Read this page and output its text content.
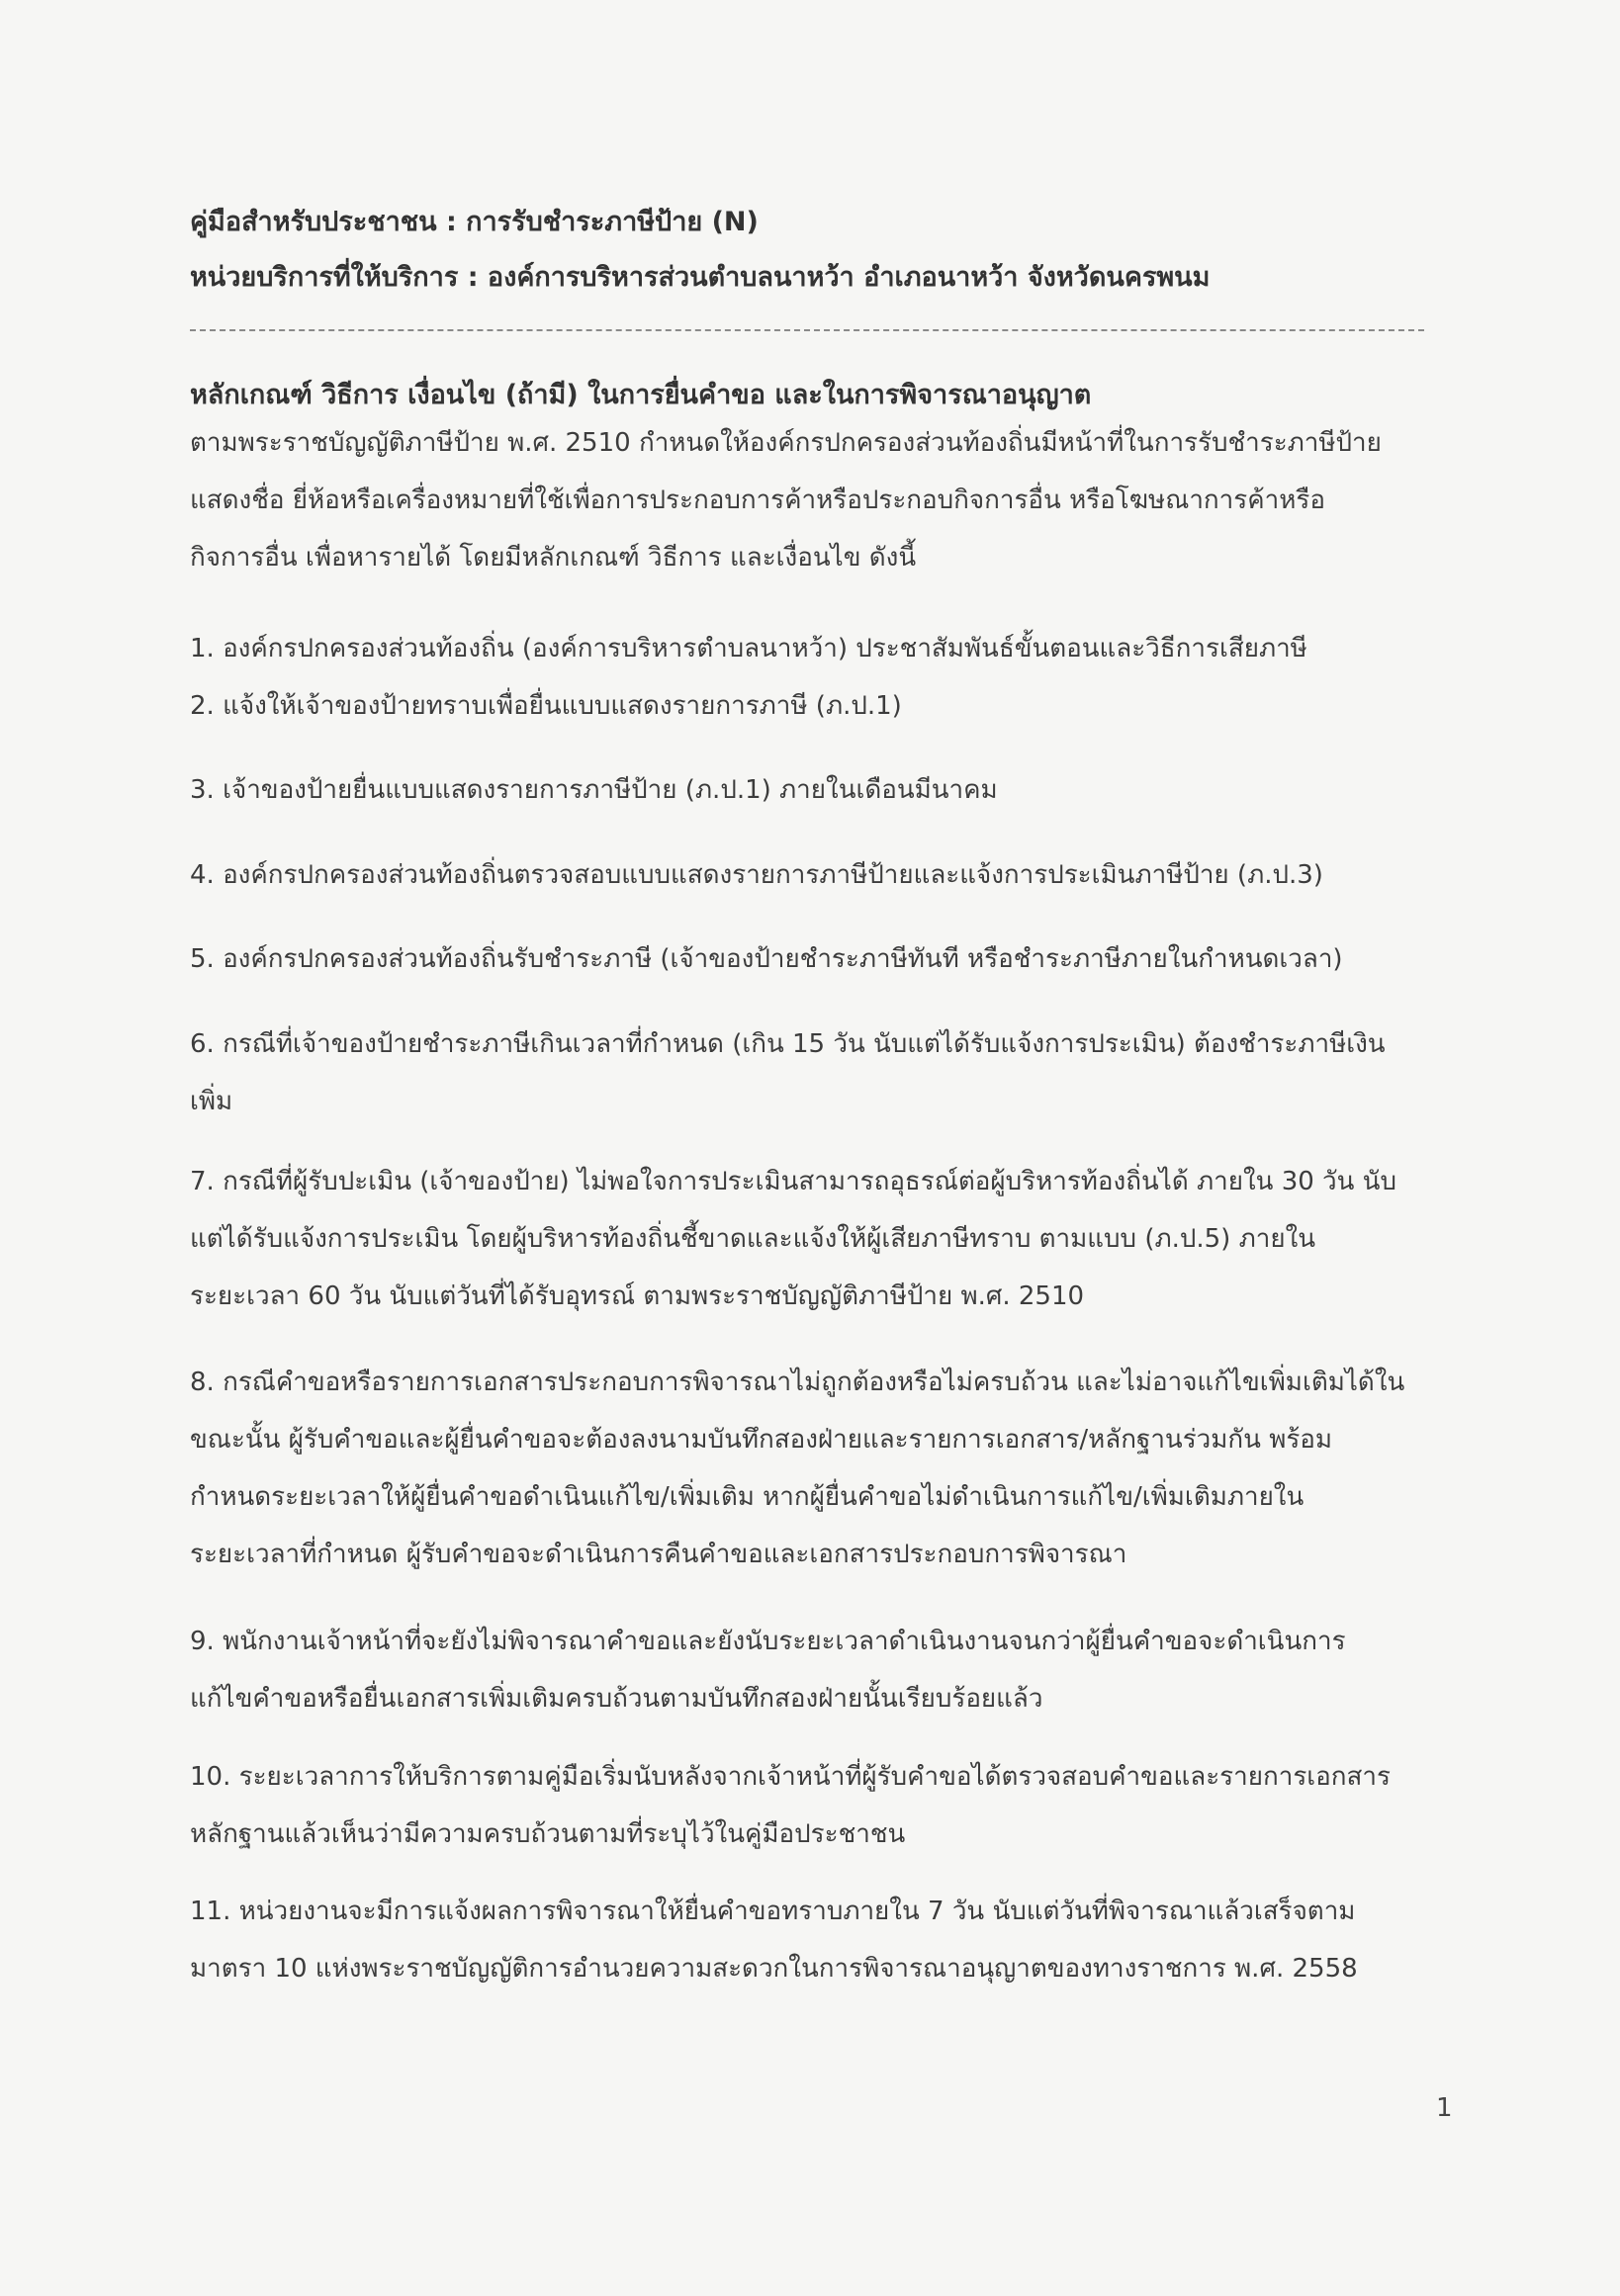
คู่มือสำหรับประชาชน : การรับชำระภาษีป้าย (N)
หน่วยบริการที่ให้บริการ : องค์การบริหารส่วนตำบลนาหว้า อำเภอนาหว้า จังหวัดนครพนม
หลักเกณฑ์ วิธีการ เงื่อนไข (ถ้ามี) ในการยื่นคำขอ และในการพิจารณาอนุญาต
ตามพระราชบัญญัติภาษีป้าย พ.ศ. 2510 กำหนดให้องค์กรปกครองส่วนท้องถิ่นมีหน้าที่ในการรับชำระภาษีป้าย
แสดงชื่อ ยี่ห้อหรือเครื่องหมายที่ใช้เพื่อการประกอบการค้าหรือประกอบกิจการอื่น หรือโฆษณาการค้าหรือ
กิจการอื่น เพื่อหารายได้ โดยมีหลักเกณฑ์ วิธีการ และเงื่อนไข ดังนี้
1. องค์กรปกครองส่วนท้องถิ่น (องค์การบริหารตำบลนาหว้า) ประชาสัมพันธ์ขั้นตอนและวิธีการเสียภาษี
2. แจ้งให้เจ้าของป้ายทราบเพื่อยื่นแบบแสดงรายการภาษี (ภ.ป.1)
3. เจ้าของป้ายยื่นแบบแสดงรายการภาษีป้าย (ภ.ป.1) ภายในเดือนมีนาคม
4. องค์กรปกครองส่วนท้องถิ่นตรวจสอบแบบแสดงรายการภาษีป้ายและแจ้งการประเมินภาษีป้าย (ภ.ป.3)
5. องค์กรปกครองส่วนท้องถิ่นรับชำระภาษี (เจ้าของป้ายชำระภาษีทันที หรือชำระภาษีภายในกำหนดเวลา)
6. กรณีที่เจ้าของป้ายชำระภาษีเกินเวลาที่กำหนด (เกิน 15 วัน นับแต่ได้รับแจ้งการประเมิน) ต้องชำระภาษีเงิน
เพิ่ม
7. กรณีที่ผู้รับปะเมิน (เจ้าของป้าย) ไม่พอใจการประเมินสามารถอุธรณ์ต่อผู้บริหารท้องถิ่นได้ ภายใน 30 วัน นับ
แต่ได้รับแจ้งการประเมิน โดยผู้บริหารท้องถิ่นชี้ขาดและแจ้งให้ผู้เสียภาษีทราบ ตามแบบ (ภ.ป.5) ภายใน
ระยะเวลา 60 วัน นับแต่วันที่ได้รับอุทรณ์ ตามพระราชบัญญัติภาษีป้าย พ.ศ. 2510
8. กรณีคำขอหรือรายการเอกสารประกอบการพิจารณาไม่ถูกต้องหรือไม่ครบถ้วน และไม่อาจแก้ไขเพิ่มเติมได้ใน
ขณะนั้น ผู้รับคำขอและผู้ยื่นคำขอจะต้องลงนามบันทึกสองฝ่ายและรายการเอกสาร/หลักฐานร่วมกัน พร้อม
กำหนดระยะเวลาให้ผู้ยื่นคำขอดำเนินแก้ไข/เพิ่มเติม หากผู้ยื่นคำขอไม่ดำเนินการแก้ไข/เพิ่มเติมภายใน
ระยะเวลาที่กำหนด ผู้รับคำขอจะดำเนินการคืนคำขอและเอกสารประกอบการพิจารณา
9. พนักงานเจ้าหน้าที่จะยังไม่พิจารณาคำขอและยังนับระยะเวลาดำเนินงานจนกว่าผู้ยื่นคำขอจะดำเนินการ
แก้ไขคำขอหรือยื่นเอกสารเพิ่มเติมครบถ้วนตามบันทึกสองฝ่ายนั้นเรียบร้อยแล้ว
10. ระยะเวลาการให้บริการตามคู่มือเริ่มนับหลังจากเจ้าหน้าที่ผู้รับคำขอได้ตรวจสอบคำขอและรายการเอกสาร
หลักฐานแล้วเห็นว่ามีความครบถ้วนตามที่ระบุไว้ในคู่มือประชาชน
11. หน่วยงานจะมีการแจ้งผลการพิจารณาให้ยื่นคำขอทราบภายใน 7 วัน นับแต่วันที่พิจารณาแล้วเสร็จตาม
มาตรา 10 แห่งพระราชบัญญัติการอำนวยความสะดวกในการพิจารณาอนุญาตของทางราชการ พ.ศ. 2558
1
